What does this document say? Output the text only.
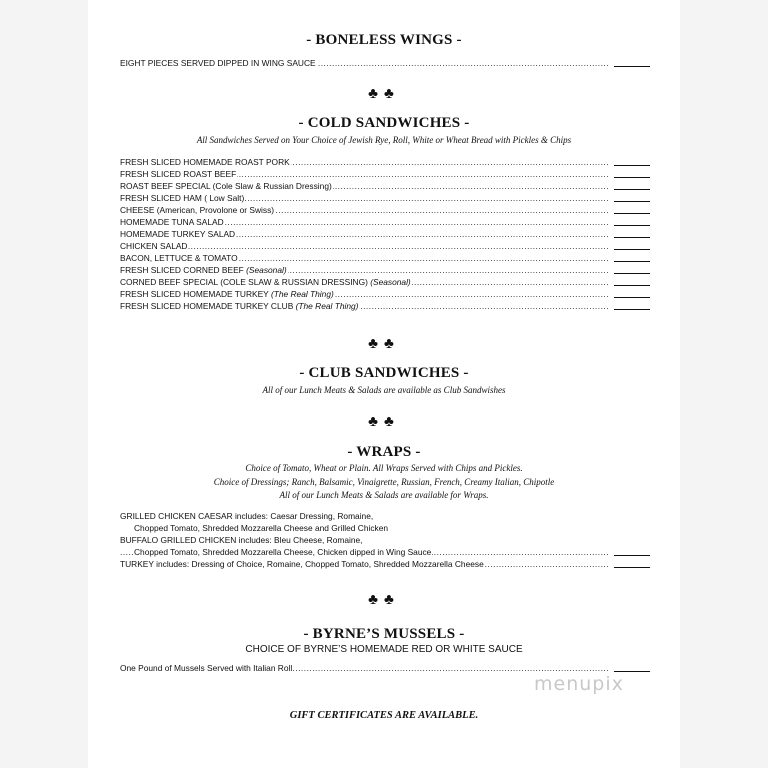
- BONELESS WINGS -
EIGHT PIECES SERVED DIPPED IN WING SAUCE
.....
♣♣
- COLD SANDWICHES -
All Sandwiches Served on Your Choice of Jewish Rye, Roll, White or Wheat Bread with Pickles & Chips
FRESH SLICED HOMEMADE ROAST PORK
.....
FRESH SLICED ROAST BEEF
.....
ROAST BEEF SPECIAL (Cole Slaw & Russian Dressing)
.....
FRESH SLICED HAM ( Low Salt)
.....
CHEESE (American, Provolone or Swiss)
.....
HOMEMADE TUNA SALAD
.....
HOMEMADE TURKEY SALAD
.....
CHICKEN SALAD
.....
BACON, LETTUCE & TOMATO
.....
FRESH SLICED CORNED BEEF (Seasonal)
.....
CORNED BEEF SPECIAL (COLE SLAW & RUSSIAN DRESSING) (Seasonal)
.....
FRESH SLICED HOMEMADE TURKEY (The Real Thing)
.....
FRESH SLICED HOMEMADE TURKEY CLUB (The Real Thing)
.....
♣♣
- CLUB SANDWICHES -
All of our Lunch Meats & Salads are available as Club Sandwishes
♣♣
- WRAPS -
Choice of Tomato, Wheat or Plain. All Wraps Served with Chips and Pickles.
Choice of Dressings; Ranch, Balsamic, Vinaigrette, Russian, French, Creamy Italian, Chipotle
All of our Lunch Meats & Salads are available for Wraps.
GRILLED CHICKEN CAESAR includes: Caesar Dressing, Romaine,
Chopped Tomato, Shredded Mozzarella Cheese and Grilled Chicken
BUFFALO GRILLED CHICKEN includes: Bleu Cheese, Romaine,
Chopped Tomato, Shredded Mozzarella Cheese, Chicken dipped in Wing Sauce
.....
TURKEY includes: Dressing of Choice, Romaine, Chopped Tomato, Shredded Mozzarella Cheese
.....
♣♣
- BYRNE’S MUSSELS -
CHOICE OF BYRNE’S HOMEMADE RED OR WHITE SAUCE
One Pound of Mussels Served with Italian Roll
.....
menupix
GIFT CERTIFICATES ARE AVAILABLE.
